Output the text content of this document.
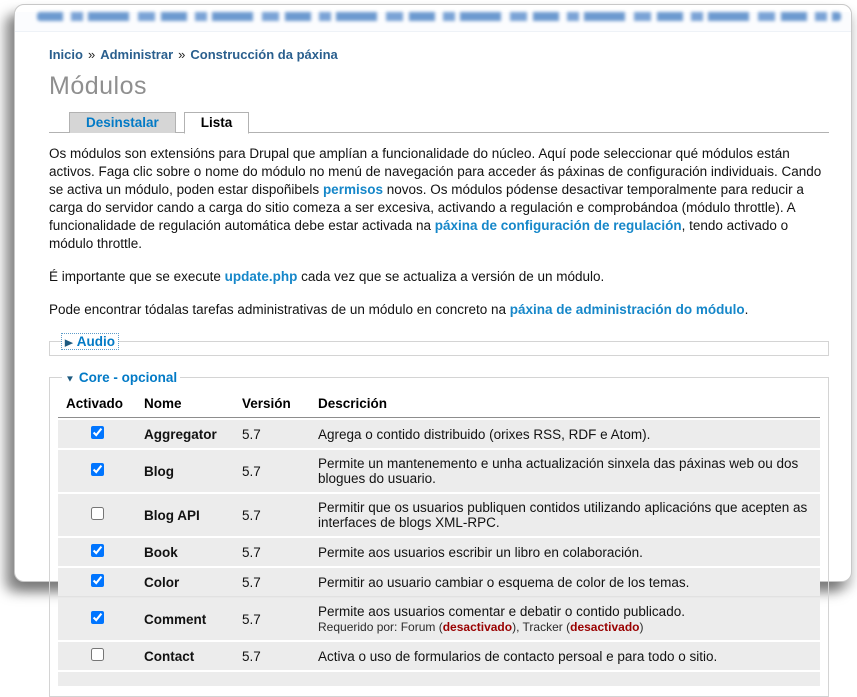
Inicio » Administrar » Construcción da páxina
Módulos
Desinstalar	Lista

Os módulos son extensións para Drupal que amplían a funcionalidade do núcleo. Aquí pode seleccionar qué módulos están activos. Faga clic sobre o nome do módulo no menú de navegación para acceder ás páxinas de configuración individuais. Cando se activa un módulo, poden estar dispoñibels permisos novos. Os módulos pódense desactivar temporalmente para reducir a carga do servidor cando a carga do sitio comeza a ser excesiva, activando a regulación e comprobándoa (módulo throttle). A funcionalidade de regulación automática debe estar activada na páxina de configuración de regulación, tendo activado o módulo throttle.

É importante que se execute update.php cada vez que se actualiza a versión de un módulo.

Pode encontrar tódalas tarefas administrativas de un módulo en concreto na páxina de administración do módulo.

▶ Audio
▼ Core - opcional
Activado	Nome	Versión	Descrición
	Aggregator	5.7	Agrega o contido distribuido (orixes RSS, RDF e Atom).
	Blog	5.7	Permite un mantenemento e unha actualización sinxela das páxinas web ou dos blogues do usuario.
	Blog API	5.7	Permitir que os usuarios publiquen contidos utilizando aplicacións que acepten as interfaces de blogs XML-RPC.
	Book	5.7	Permite aos usuarios escribir un libro en colaboración.
	Color	5.7	Permitir ao usuario cambiar o esquema de color de los temas.
	Comment	5.7	Permite aos usuarios comentar e debatir o contido publicado.
Requerido por: Forum (desactivado), Tracker (desactivado)

	Contact	5.7	Activa o uso de formularios de contacto persoal e para todo o sitio.
